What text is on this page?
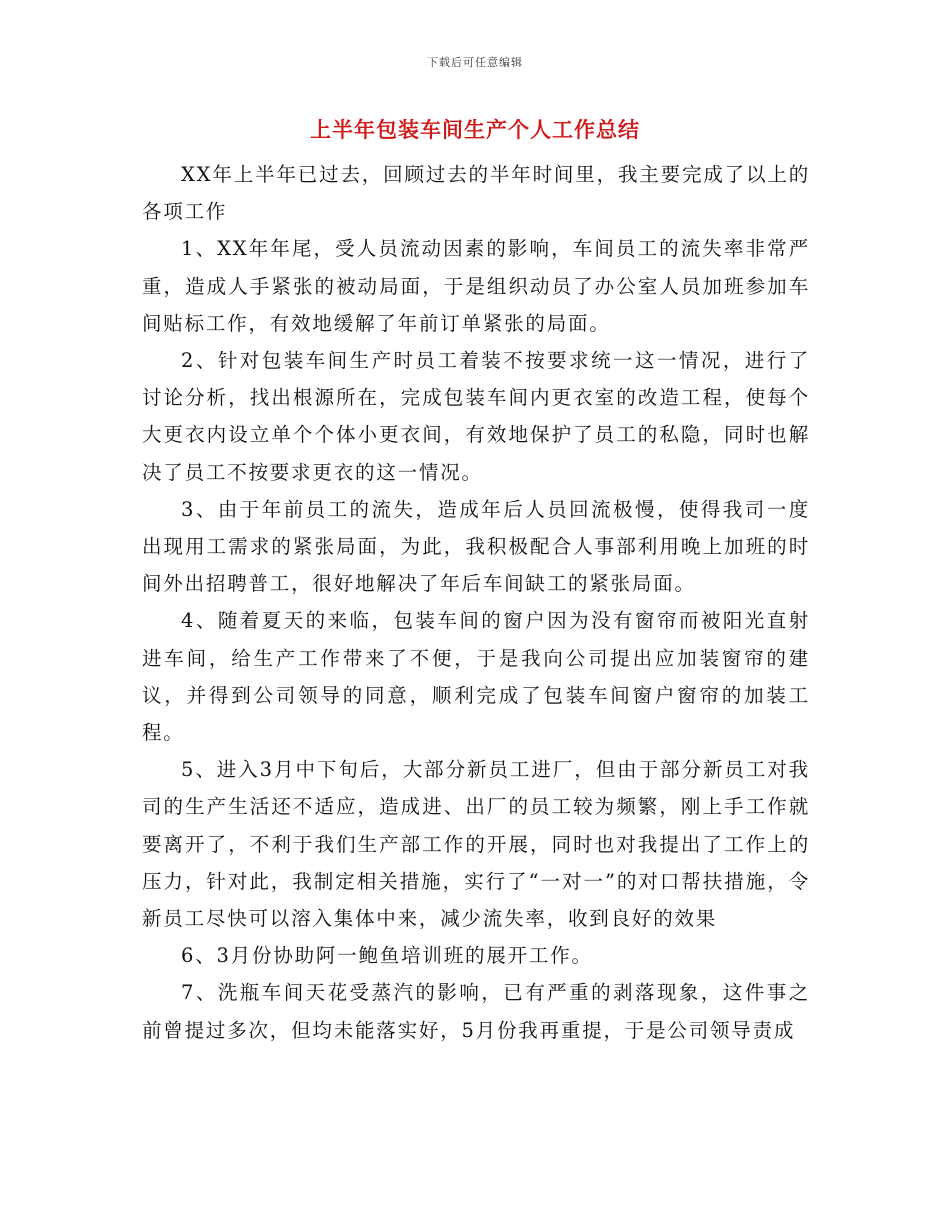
下载后可任意编辑
上半年包装车间生产个人工作总结

XX年上半年已过去，回顾过去的半年时间里，我主要完成了以上的各项工作

1、XX年年尾，受人员流动因素的影响，车间员工的流失率非常严重，造成人手紧张的被动局面，于是组织动员了办公室人员加班参加车间贴标工作，有效地缓解了年前订单紧张的局面。

2、针对包装车间生产时员工着装不按要求统一这一情况，进行了讨论分析，找出根源所在，完成包装车间内更衣室的改造工程，使每个大更衣内设立单个个体小更衣间，有效地保护了员工的私隐，同时也解决了员工不按要求更衣的这一情况。

3、由于年前员工的流失，造成年后人员回流极慢，使得我司一度出现用工需求的紧张局面，为此，我积极配合人事部利用晚上加班的时间外出招聘普工，很好地解决了年后车间缺工的紧张局面。

4、随着夏天的来临，包装车间的窗户因为没有窗帘而被阳光直射进车间，给生产工作带来了不便，于是我向公司提出应加装窗帘的建议，并得到公司领导的同意，顺利完成了包装车间窗户窗帘的加装工程。

5、进入3月中下旬后，大部分新员工进厂，但由于部分新员工对我司的生产生活还不适应，造成进、出厂的员工较为频繁，刚上手工作就要离开了，不利于我们生产部工作的开展，同时也对我提出了工作上的压力，针对此，我制定相关措施，实行了“一对一”的对口帮扶措施，令新员工尽快可以溶入集体中来，减少流失率，收到良好的效果

6、3月份协助阿一鲍鱼培训班的展开工作。

7、洗瓶车间天花受蒸汽的影响，已有严重的剥落现象，这件事之前曾提过多次，但均未能落实好，5月份我再重提，于是公司领导责成
